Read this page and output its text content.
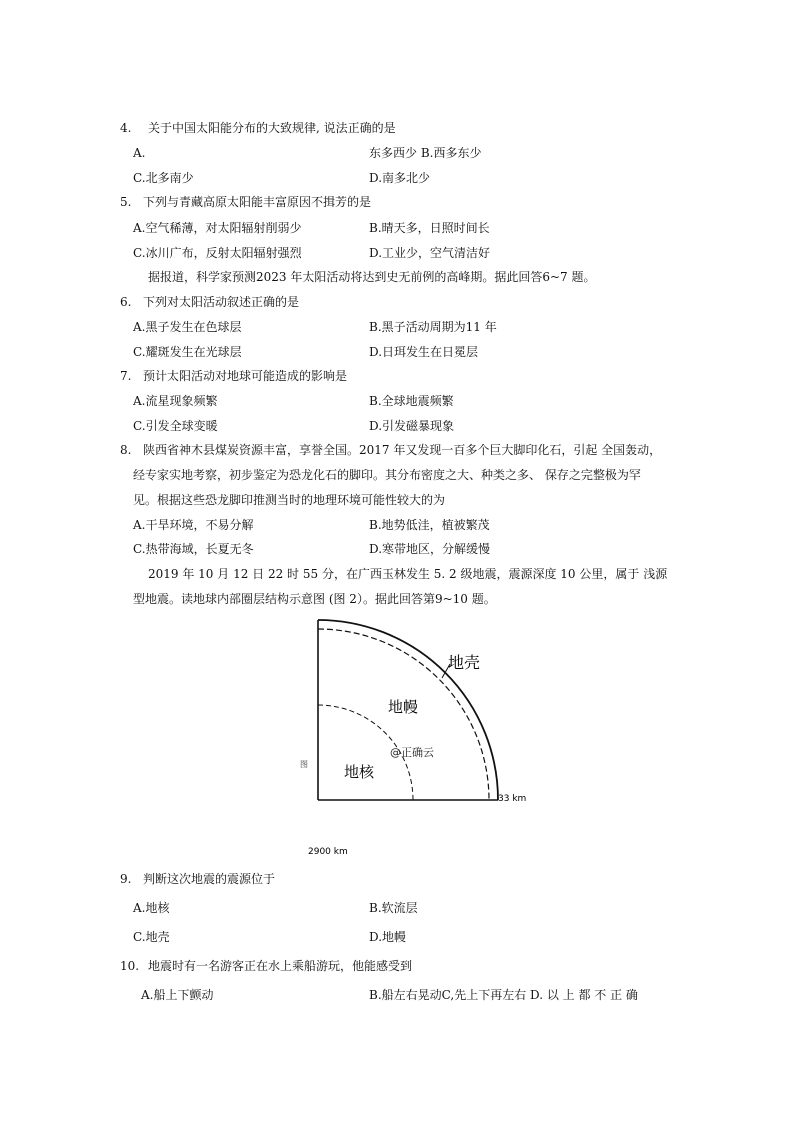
4. 关于中国太阳能分布的大致规律, 说法正确的是
A.	东多西少 B.西多东少
C.北多南少	D.南多北少
5. 下列与青藏高原太阳能丰富原因不揖芳的是
A.空气稀薄，对太阳辐射削弱少	B.晴天多，日照时间长
C.冰川广布，反射太阳辐射强烈	D.工业少，空气清洁好
据报道，科学家预测2023 年太阳活动将达到史无前例的高峰期。据此回答6~7 题。
6. 下列对太阳活动叙述正确的是
A.黑子发生在色球层	B.黑子活动周期为11 年
C.耀斑发生在光球层	D.日珥发生在日冕层
7. 预计太阳活动对地球可能造成的影响是
A.流星现象频繁	B.全球地震频繁
C.引发全球变暖	D.引发磁暴现象
8. 陕西省神木县煤炭资源丰富，享誉全国。2017 年又发现一百多个巨大脚印化石，引起 全国轰动，
经专家实地考察，初步鉴定为恐龙化石的脚印。其分布密度之大、种类之多、 保存之完整极为罕
见。根据这些恐龙脚印推测当时的地理环境可能性较大的为
A.干旱环境，不易分解	B.地势低洼，植被繁茂
C.热带海域，长夏无冬	D.寒带地区，分解缓慢
2019 年 10 月 12 日 22 时 55 分，在广西玉林发生 5. 2 级地震，震源深度 10 公里，属于 浅源
型地震。读地球内部圈层结构示意图 (图 2）。据此回答第9~10 题。
地壳
地幔
地核
@正确云
33 km
图
2900 km
9. 判断这次地震的震源位于
A.地核	B.软流层
C.地壳	D.地幔
10. 地震时有一名游客正在水上乘船游玩，他能感受到
A.船上下颤动	B.船左右晃动C,先上下再左右 D. 以 上 都 不 正 确
